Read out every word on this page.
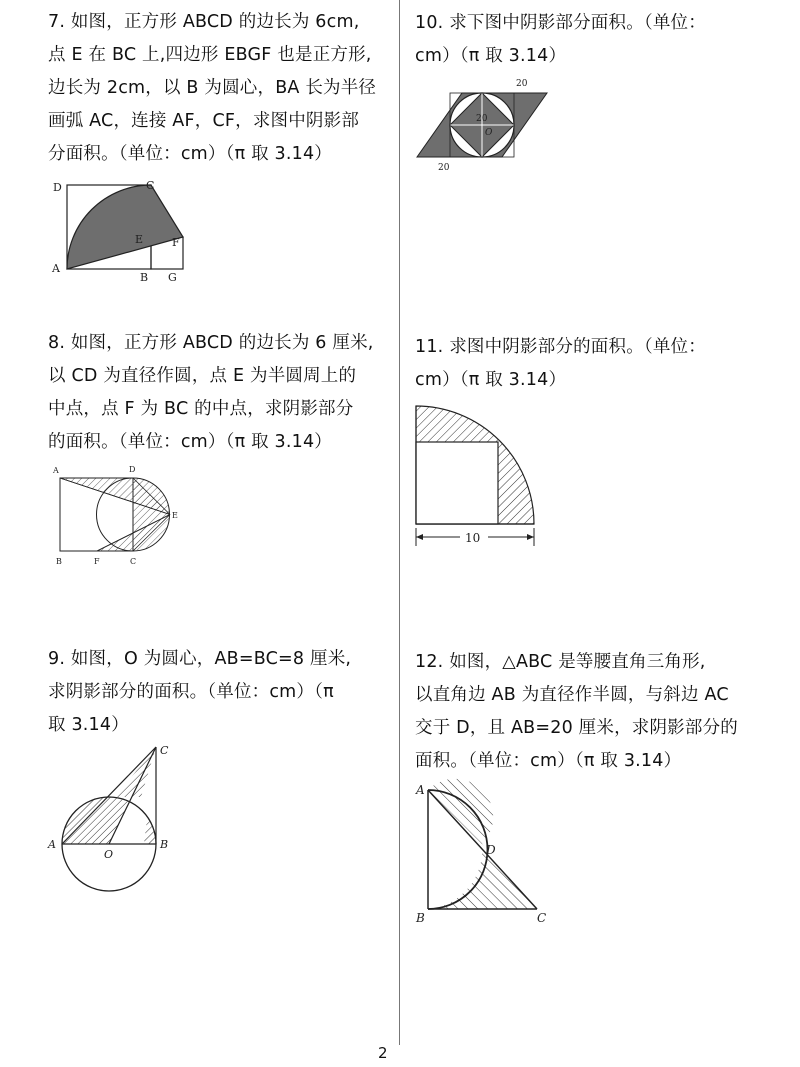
7. 如图，正方形 ABCD 的边长为 6cm,

点 E 在 BC 上,四边形 EBGF 也是正方形,

边长为 2cm，以 B 为圆心，BA 长为半径

画弧 AC，连接 AF，CF，求图中阴影部

分面积。（单位：cm）（π 取 3.14）

D	C
E	F
A
B G

8. 如图，正方形 ABCD 的边长为 6 厘米,

以 CD 为直径作圆，点 E 为半圆周上的

中点，点 F 为 BC 的中点，求阴影部分

的面积。（单位：cm）（π 取 3.14）

A	D
E
B	F	C

9. 如图，O 为圆心，AB=BC=8 厘米,

求阴影部分的面积。（单位：cm）（π

取 3.14）

C
A
O
B

10. 求下图中阴影部分面积。（单位：

cm）（π 取 3.14）

20
20
O
20

11. 求图中阴影部分的面积。（单位：

cm）（π 取 3.14）

10

12. 如图，△ABC 是等腰直角三角形,

以直角边 AB 为直径作半圆，与斜边 AC

交于 D，且 AB=20 厘米，求阴影部分的

面积。（单位：cm）（π 取 3.14）

A
D
B	C
2
